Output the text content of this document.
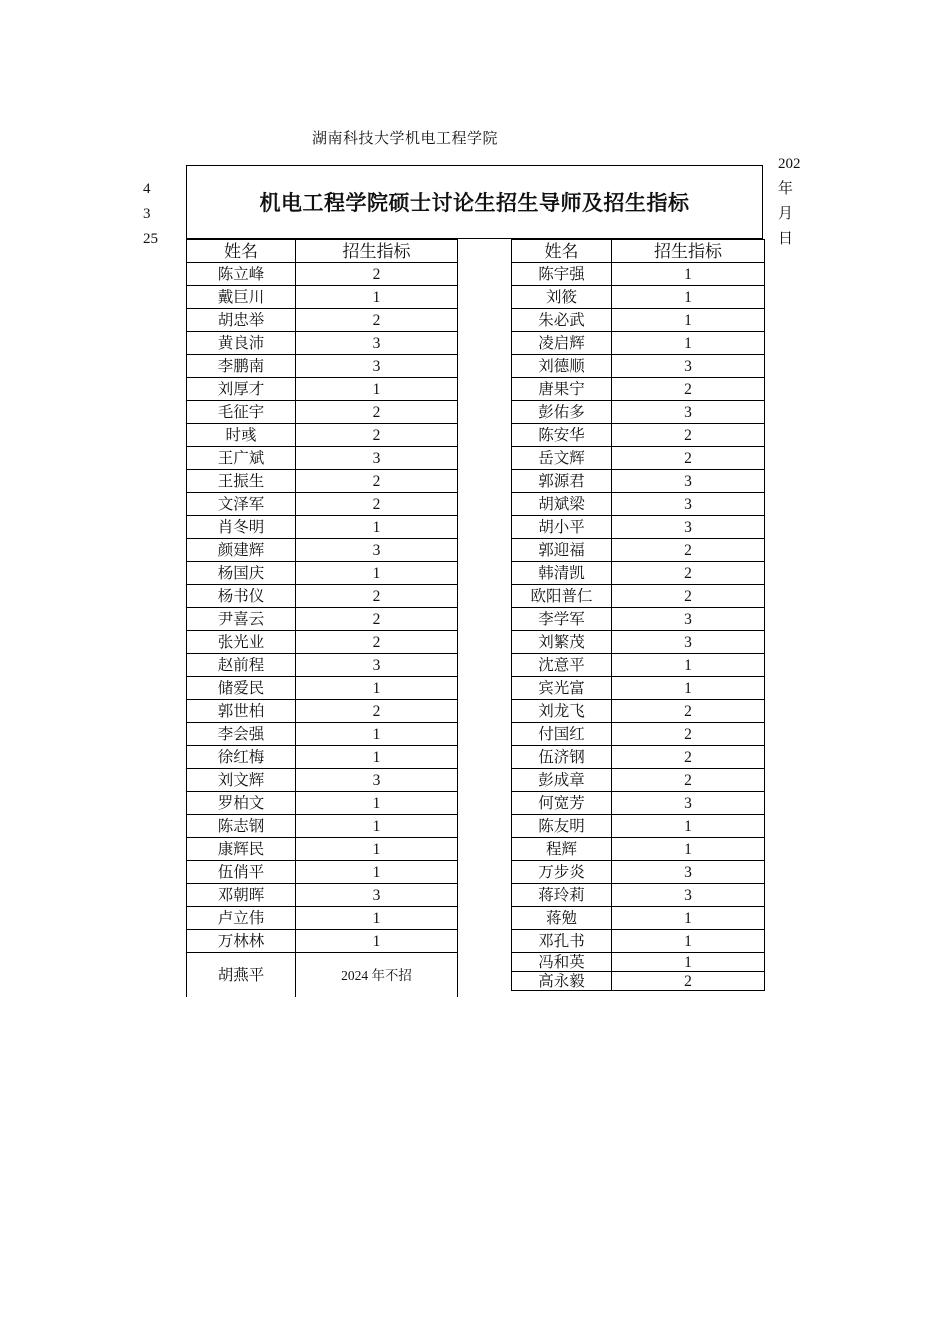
湖南科技大学机电工程学院
4
3
25
202
年
月
日
机电工程学院硕士讨论生招生导师及招生指标
姓名	招生指标
陈立峰	2
戴巨川	1
胡忠举	2
黄良沛	3
李鹏南	3
刘厚才	1
毛征宇	2
时彧	2
王广斌	3
王振生	2
文泽军	2
肖冬明	1
颜建辉	3
杨国庆	1
杨书仪	2
尹喜云	2
张光业	2
赵前程	3
储爱民	1
郭世柏	2
李会强	1
徐红梅	1
刘文辉	3
罗柏文	1
陈志钢	1
康辉民	1
伍俏平	1
邓朝晖	3
卢立伟	1
万林林	1
胡燕平	2024 年不招
姓名	招生指标
陈宇强	1
刘筱	1
朱必武	1
凌启辉	1
刘德顺	3
唐果宁	2
彭佑多	3
陈安华	2
岳文辉	2
郭源君	3
胡斌梁	3
胡小平	3
郭迎福	2
韩清凯	2
欧阳普仁	2
李学军	3
刘繁茂	3
沈意平	1
宾光富	1
刘龙飞	2
付国红	2
伍济钢	2
彭成章	2
何宽芳	3
陈友明	1
程辉	1
万步炎	3
蒋玲莉	3
蒋勉	1
邓孔书	1
冯和英	1
高永毅	2
